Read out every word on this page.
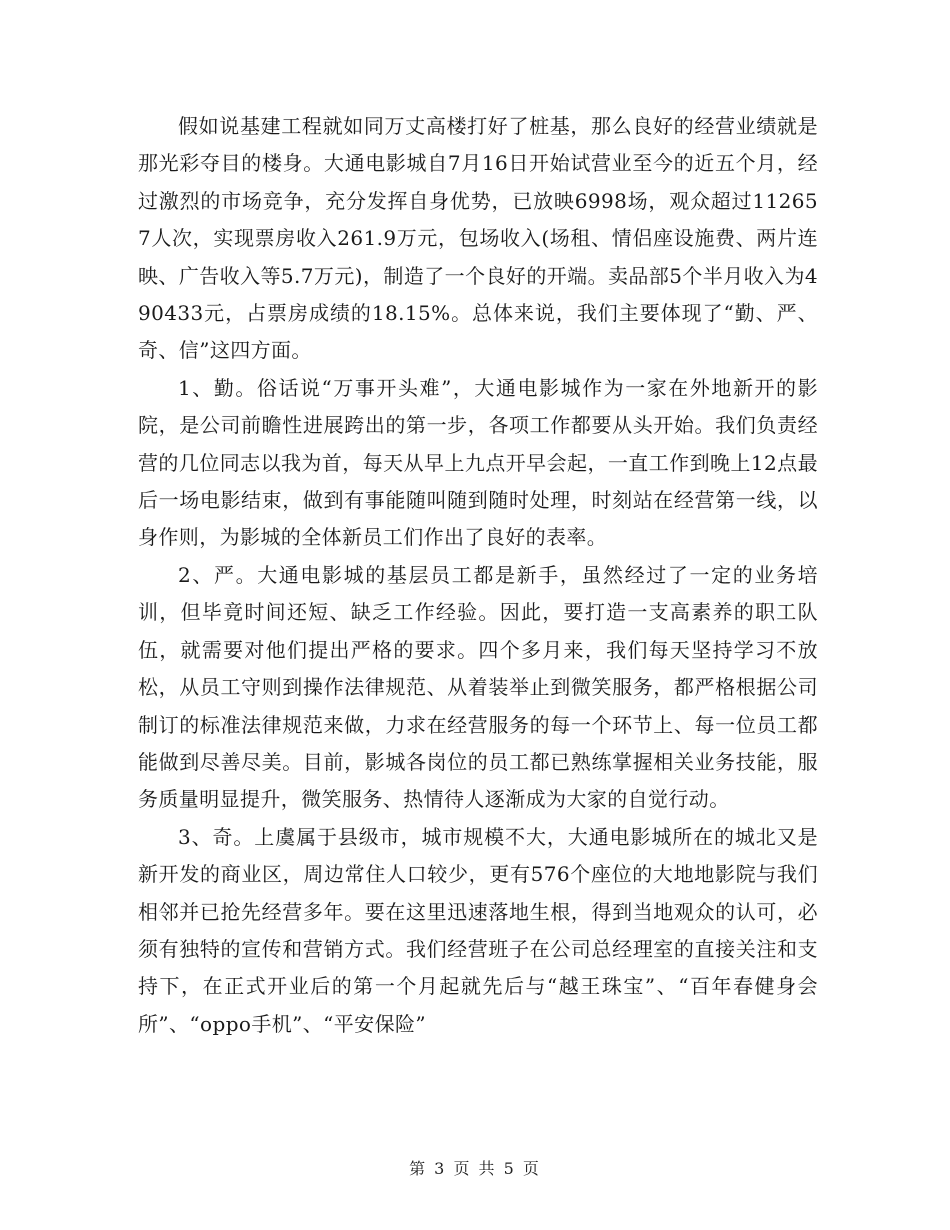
假如说基建工程就如同万丈高楼打好了桩基，那么良好的经营业绩就是那光彩夺目的楼身。大通电影城自7月16日开始试营业至今的近五个月，经过激烈的市场竞争，充分发挥自身优势，已放映6998场，观众超过112657人次，实现票房收入261.9万元，包场收入(场租、情侣座设施费、两片连映、广告收入等5.7万元)，制造了一个良好的开端。卖品部5个半月收入为490433元，占票房成绩的18.15%。总体来说，我们主要体现了“勤、严、奇、信”这四方面。

1、勤。俗话说“万事开头难”，大通电影城作为一家在外地新开的影院，是公司前瞻性进展跨出的第一步，各项工作都要从头开始。我们负责经营的几位同志以我为首，每天从早上九点开早会起，一直工作到晚上12点最后一场电影结束，做到有事能随叫随到随时处理，时刻站在经营第一线，以身作则，为影城的全体新员工们作出了良好的表率。

2、严。大通电影城的基层员工都是新手，虽然经过了一定的业务培训，但毕竟时间还短、缺乏工作经验。因此，要打造一支高素养的职工队伍，就需要对他们提出严格的要求。四个多月来，我们每天坚持学习不放松，从员工守则到操作法律规范、从着装举止到微笑服务，都严格根据公司制订的标准法律规范来做，力求在经营服务的每一个环节上、每一位员工都能做到尽善尽美。目前，影城各岗位的员工都已熟练掌握相关业务技能，服务质量明显提升，微笑服务、热情待人逐渐成为大家的自觉行动。

3、奇。上虞属于县级市，城市规模不大，大通电影城所在的城北又是新开发的商业区，周边常住人口较少，更有576个座位的大地地影院与我们相邻并已抢先经营多年。要在这里迅速落地生根，得到当地观众的认可，必须有独特的宣传和营销方式。我们经营班子在公司总经理室的直接关注和支持下，在正式开业后的第一个月起就先后与“越王珠宝”、“百年春健身会所”、“oppo手机”、“平安保险”

第 3 页 共 5 页
